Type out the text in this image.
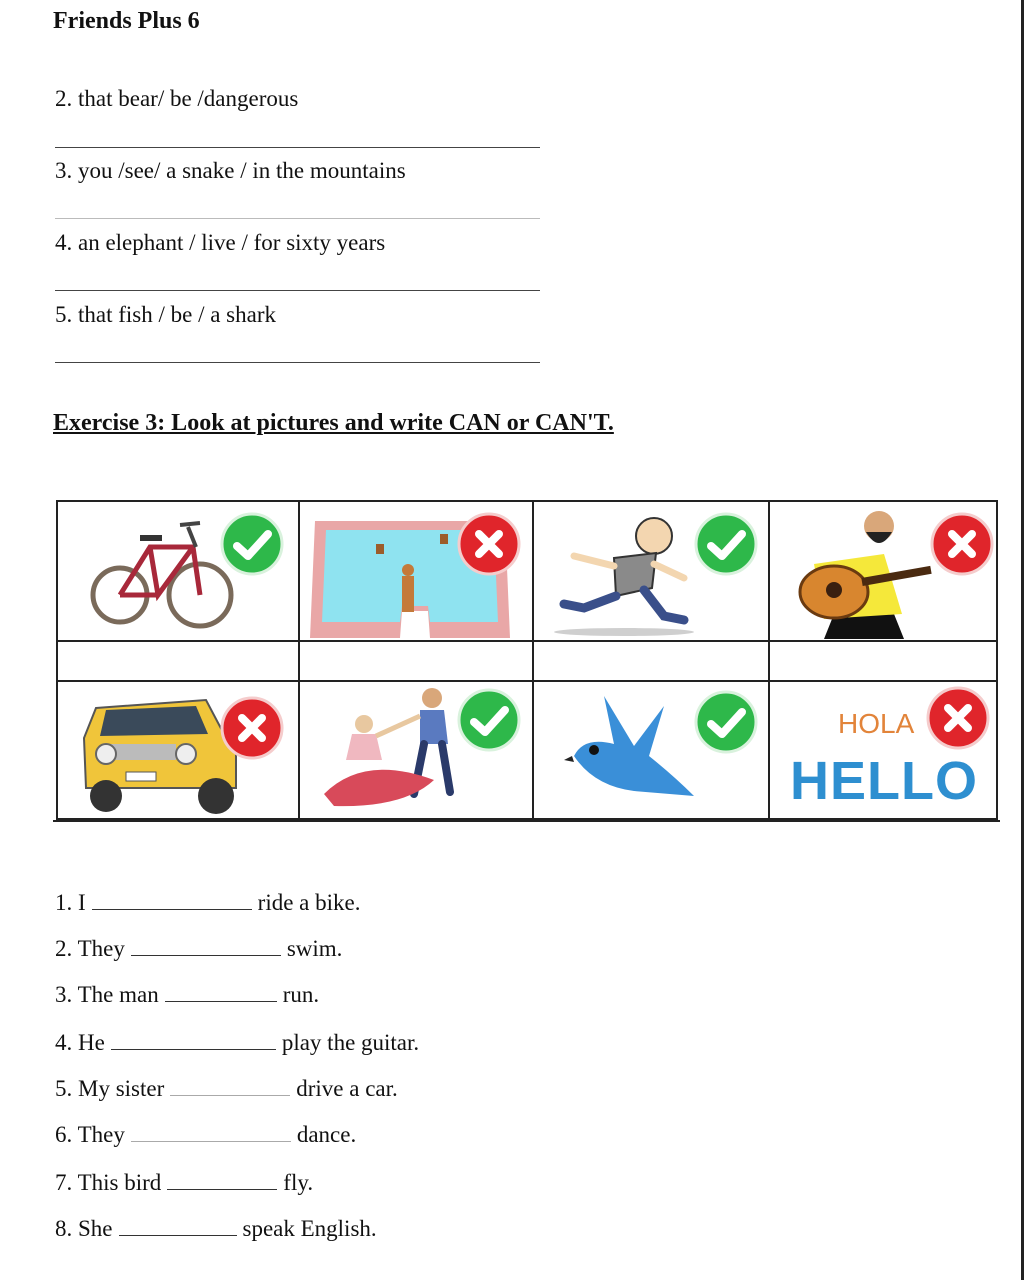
Friends Plus 6
2. that bear/ be /dangerous
3. you /see/ a snake / in the mountains
4. an elephant / live / for sixty years
5. that fish / be / a shark
Exercise 3: Look at pictures and write CAN or CAN'T.
HOLA
HELLO
1. I	ride a bike.
2. They	swim.
3. The man	run.
4. He	play the guitar.
5. My sister	drive a car.
6. They	dance.
7. This bird	fly.
8. She	speak English.
